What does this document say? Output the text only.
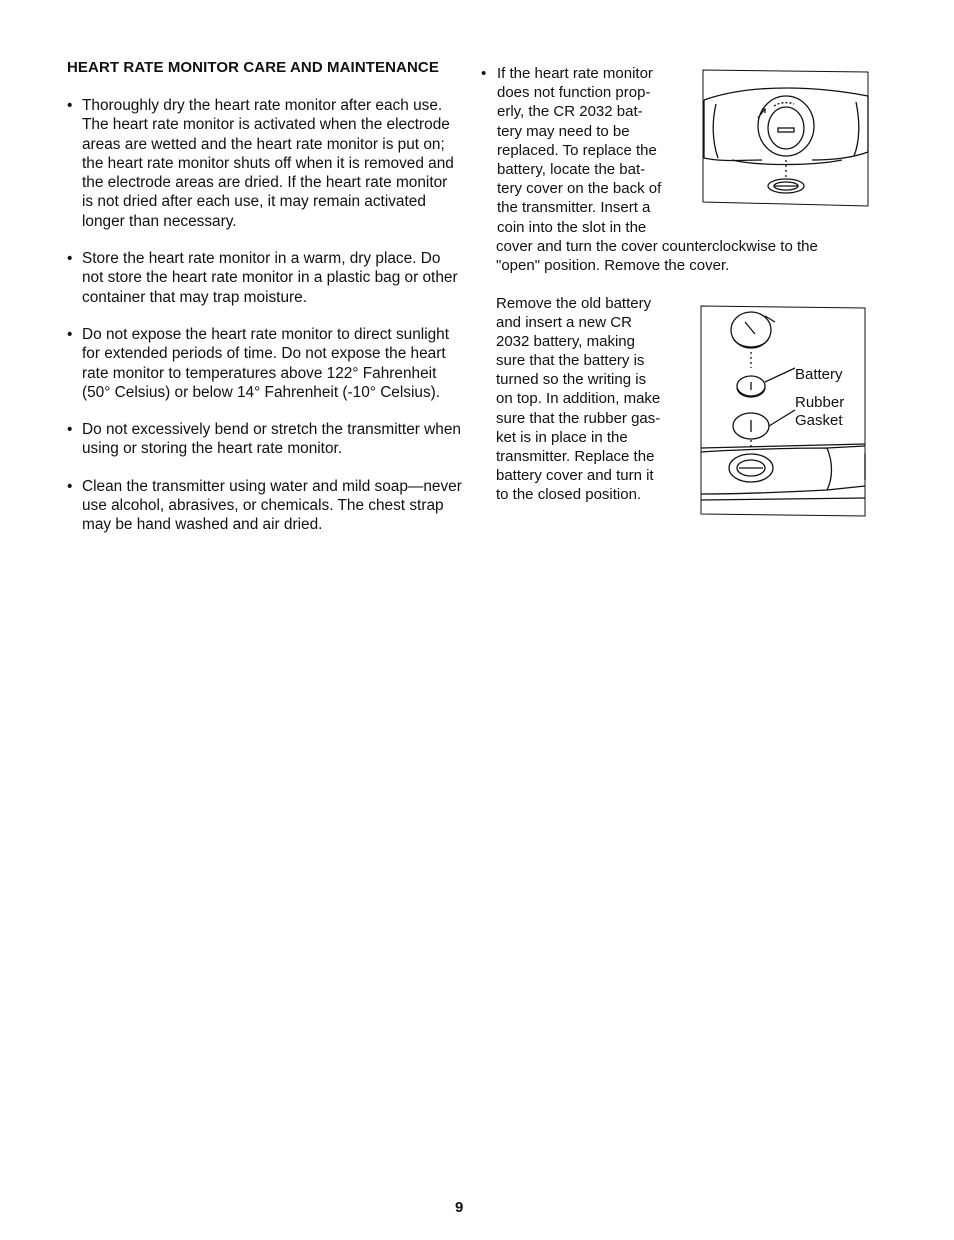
HEART RATE MONITOR CARE AND MAINTENANCE
• Thoroughly dry the heart rate monitor after each use. The heart rate monitor is activated when the electrode areas are wetted and the heart rate monitor is put on; the heart rate monitor shuts off when it is removed and the electrode areas are dried. If the heart rate monitor is not dried after each use, it may remain activated longer than necessary.
• Store the heart rate monitor in a warm, dry place. Do not store the heart rate monitor in a plastic bag or other container that may trap moisture.
• Do not expose the heart rate monitor to direct sunlight for extended periods of time. Do not expose the heart rate monitor to temperatures above 122° Fahrenheit (50° Celsius) or below 14° Fahrenheit (-10° Celsius).
• Do not excessively bend or stretch the transmitter when using or storing the heart rate monitor.
• Clean the transmitter using water and mild soap—never use alcohol, abrasives, or chemicals. The chest strap may be hand washed and air dried.
• If the heart rate monitor
does not function prop-
erly, the CR 2032 bat-
tery may need to be
replaced. To replace the
battery, locate the bat-
tery cover on the back of
the transmitter. Insert a
coin into the slot in the
cover and turn the cover counterclockwise to the
"open" position. Remove the cover.
Remove the old battery
and insert a new CR
2032 battery, making
sure that the battery is
turned so the writing is
on top. In addition, make
sure that the rubber gas-
ket is in place in the
transmitter. Replace the
battery cover and turn it
to the closed position.
Battery
Rubber
Gasket
9
